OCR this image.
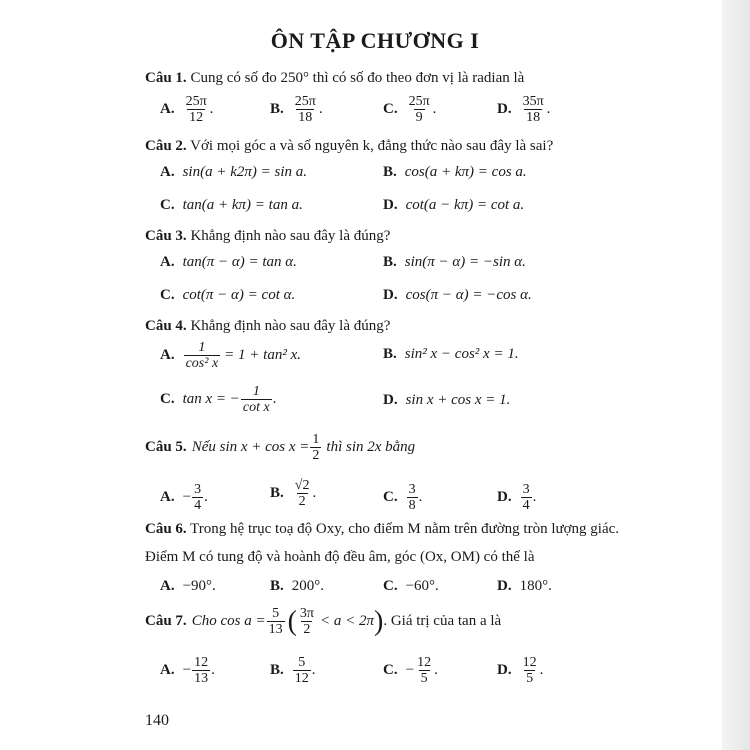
ÔN TẬP CHƯƠNG I
Câu 1. Cung có số đo 250° thì có số đo theo đơn vị là radian là
A. $\frac{25\pi}{12}$ .	B. $\frac{25\pi}{18}$ .	C. $\frac{25\pi}{9}$ .	D. $\frac{35\pi}{18}$ .
Câu 2. Với mọi góc a và số nguyên k, đẳng thức nào sau đây là sai?
A. sin(a + k2π) = sin a.	B. cos(a + kπ) = cos a.
C. tan(a + kπ) = tan a.	D. cot(a − kπ) = cot a.
Câu 3. Khẳng định nào sau đây là đúng?
A. tan(π − α) = tan α.	B. sin(π − α) = −sin α.
C. cot(π − α) = cot α.	D. cos(π − α) = −cos α.
Câu 4. Khẳng định nào sau đây là đúng?
A. $\frac{1}{\text{cos² x}} = 1 + \tan^2$ x.	B. sin² x − cos² x = 1.
C. tan x = − $\frac{1}{\text{cot x}}$ .	D. sin x + cos x = 1.
Câu 5. Nếu $\sin x + \cos x = \frac{1}{2}$ thì sin 2x bằng
A. − $\frac{3}{4}$ .	B. $\frac{√2}{2}$ .	C. $\frac{3}{8}$ .	D. $\frac{3}{4}$ .
Câu 6. Trong hệ trục toạ độ Oxy, cho điểm M nằm trên đường tròn lượng giác.
Điểm M có tung độ và hoành độ đều âm, góc (Ox, OM) có thể là
A. −90°.	B. 200°.	C. −60°.	D. 180°.
Câu 7. Cho $\cos a = \frac{5}{13}$ ( $\frac{3\pi}{2} < a < 2\pi$ ) . Giá trị của tan a là
A. − $\frac{12}{13}$ .	B. $\frac{5}{12}$ .	C. − $\frac{12}{5}$ .	D. $\frac{12}{5}$ .
140
